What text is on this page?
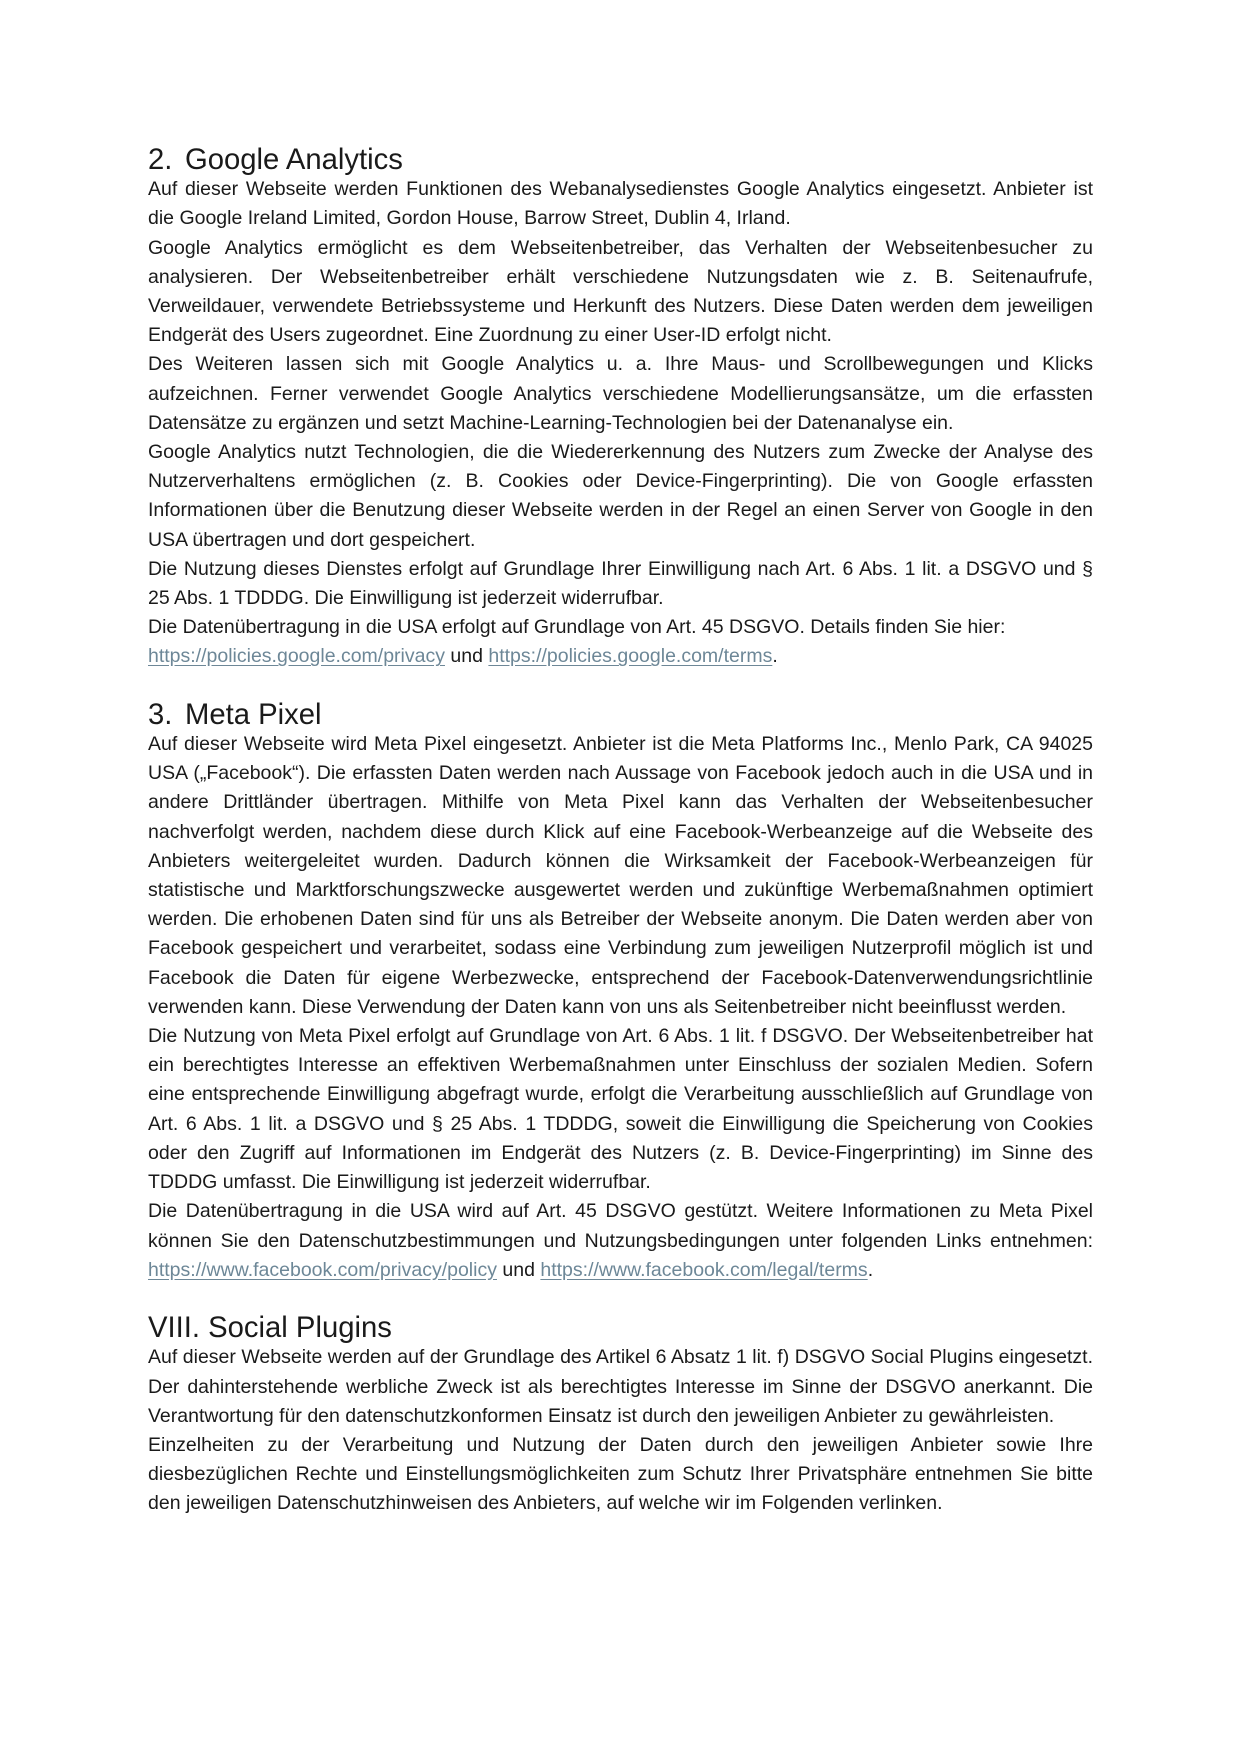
2. Google Analytics

Auf dieser Webseite werden Funktionen des Webanalysedienstes Google Analytics eingesetzt. Anbieter ist die Google Ireland Limited, Gordon House, Barrow Street, Dublin 4, Irland.

Google Analytics ermöglicht es dem Webseitenbetreiber, das Verhalten der Webseitenbesucher zu analysieren. Der Webseitenbetreiber erhält verschiedene Nutzungsdaten wie z. B. Seitenaufrufe, Verweildauer, verwendete Betriebssysteme und Herkunft des Nutzers. Diese Daten werden dem jeweiligen Endgerät des Users zugeordnet. Eine Zuordnung zu einer User-ID erfolgt nicht.

Des Weiteren lassen sich mit Google Analytics u. a. Ihre Maus- und Scrollbewegungen und Klicks aufzeichnen. Ferner verwendet Google Analytics verschiedene Modellierungsansätze, um die erfassten Datensätze zu ergänzen und setzt Machine-Learning-Technologien bei der Datenanalyse ein.

Google Analytics nutzt Technologien, die die Wiedererkennung des Nutzers zum Zwecke der Analyse des Nutzerverhaltens ermöglichen (z. B. Cookies oder Device-Fingerprinting). Die von Google erfassten Informationen über die Benutzung dieser Webseite werden in der Regel an einen Server von Google in den USA übertragen und dort gespeichert.

Die Nutzung dieses Dienstes erfolgt auf Grundlage Ihrer Einwilligung nach Art. 6 Abs. 1 lit. a DSGVO und § 25 Abs. 1 TDDDG. Die Einwilligung ist jederzeit widerrufbar.

Die Datenübertragung in die USA erfolgt auf Grundlage von Art. 45 DSGVO. Details finden Sie hier:
https://policies.google.com/privacy und https://policies.google.com/terms.

3. Meta Pixel

Auf dieser Webseite wird Meta Pixel eingesetzt. Anbieter ist die Meta Platforms Inc., Menlo Park, CA 94025 USA („Facebook“). Die erfassten Daten werden nach Aussage von Facebook jedoch auch in die USA und in andere Drittländer übertragen. Mithilfe von Meta Pixel kann das Verhalten der Webseitenbesucher nachverfolgt werden, nachdem diese durch Klick auf eine Facebook-Werbeanzeige auf die Webseite des Anbieters weitergeleitet wurden. Dadurch können die Wirksamkeit der Facebook-Werbeanzeigen für statistische und Marktforschungszwecke ausgewertet werden und zukünftige Werbemaßnahmen optimiert werden. Die erhobenen Daten sind für uns als Betreiber der Webseite anonym. Die Daten werden aber von Facebook gespeichert und verarbeitet, sodass eine Verbindung zum jeweiligen Nutzerprofil möglich ist und Facebook die Daten für eigene Werbezwecke, entsprechend der Facebook-Datenverwendungsrichtlinie verwenden kann. Diese Verwendung der Daten kann von uns als Seitenbetreiber nicht beeinflusst werden.

Die Nutzung von Meta Pixel erfolgt auf Grundlage von Art. 6 Abs. 1 lit. f DSGVO. Der Webseitenbetreiber hat ein berechtigtes Interesse an effektiven Werbemaßnahmen unter Einschluss der sozialen Medien. Sofern eine entsprechende Einwilligung abgefragt wurde, erfolgt die Verarbeitung ausschließlich auf Grundlage von Art. 6 Abs. 1 lit. a DSGVO und § 25 Abs. 1 TDDDG, soweit die Einwilligung die Speicherung von Cookies oder den Zugriff auf Informationen im Endgerät des Nutzers (z. B. Device-Fingerprinting) im Sinne des TDDDG umfasst. Die Einwilligung ist jederzeit widerrufbar.

Die Datenübertragung in die USA wird auf Art. 45 DSGVO gestützt. Weitere Informationen zu Meta Pixel können Sie den Datenschutzbestimmungen und Nutzungsbedingungen unter folgenden Links entnehmen: https://www.facebook.com/privacy/policy und https://www.facebook.com/legal/terms.

VIII. Social Plugins

Auf dieser Webseite werden auf der Grundlage des Artikel 6 Absatz 1 lit. f) DSGVO Social Plugins eingesetzt. Der dahinterstehende werbliche Zweck ist als berechtigtes Interesse im Sinne der DSGVO anerkannt. Die Verantwortung für den datenschutzkonformen Einsatz ist durch den jeweiligen Anbieter zu gewährleisten.

Einzelheiten zu der Verarbeitung und Nutzung der Daten durch den jeweiligen Anbieter sowie Ihre diesbezüglichen Rechte und Einstellungsmöglichkeiten zum Schutz Ihrer Privatsphäre entnehmen Sie bitte den jeweiligen Datenschutzhinweisen des Anbieters, auf welche wir im Folgenden verlinken.
